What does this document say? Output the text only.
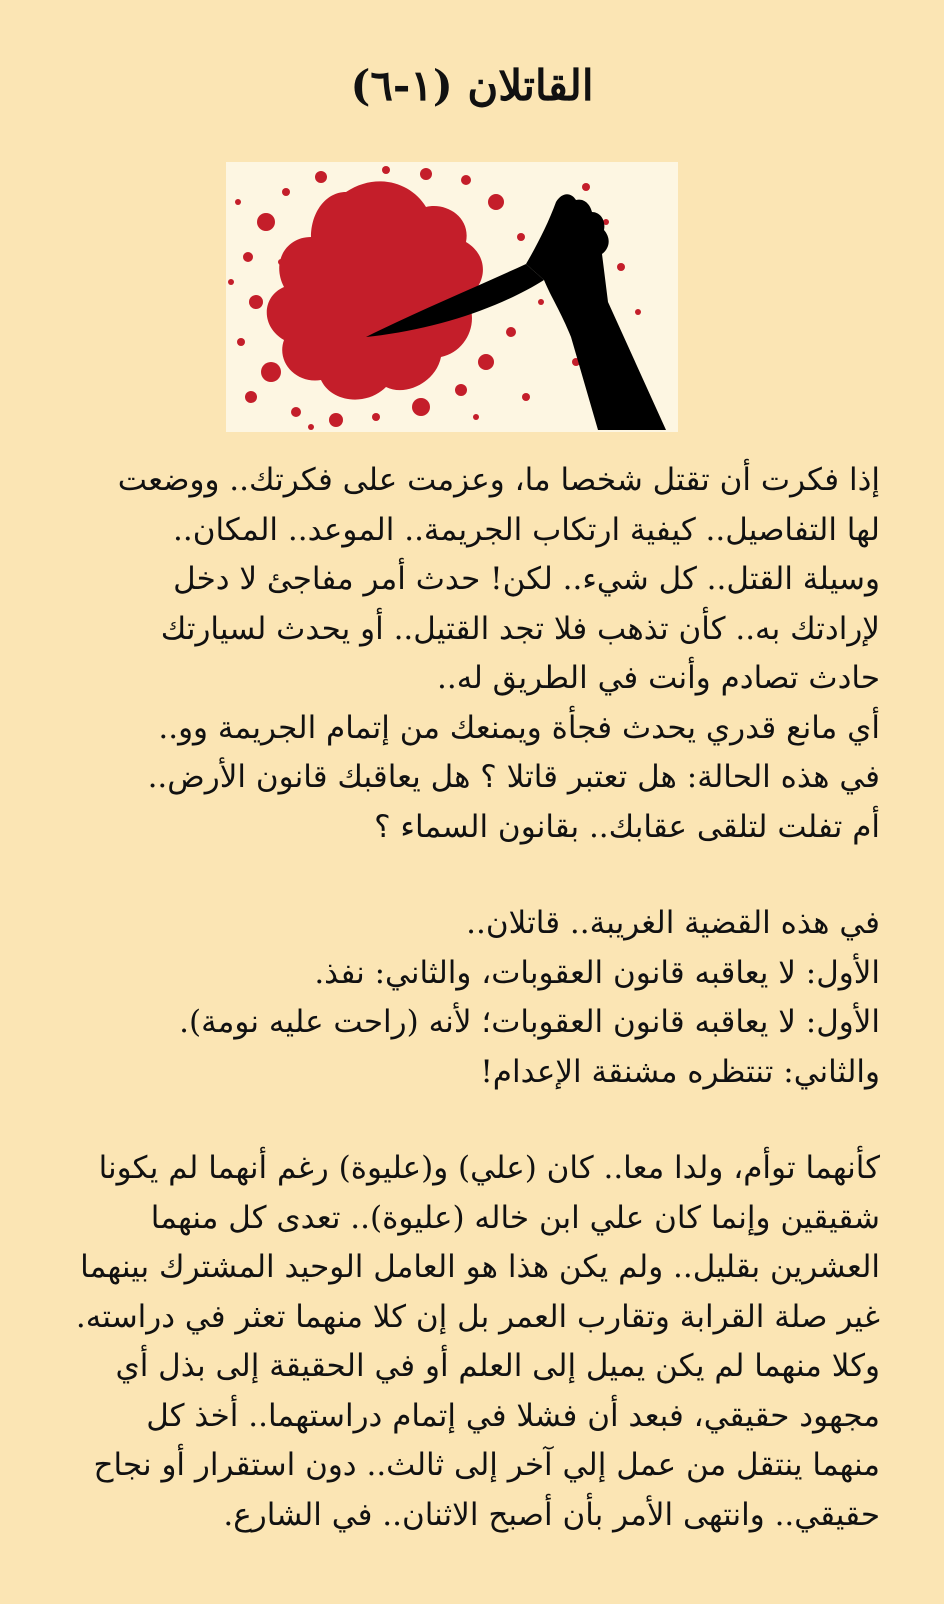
القاتلان (١-٦)
إذا فكرت أن تقتل شخصا ما، وعزمت على فكرتك.. ووضعت
لها التفاصيل.. كيفية ارتكاب الجريمة.. الموعد.. المكان..
وسيلة القتل.. كل شيء.. لكن! حدث أمر مفاجئ لا دخل
لإرادتك به.. كأن تذهب فلا تجد القتيل.. أو يحدث لسيارتك
حادث تصادم وأنت في الطريق له..
أي مانع قدري يحدث فجأة ويمنعك من إتمام الجريمة وو..
في هذه الحالة: هل تعتبر قاتلا ؟ هل يعاقبك قانون الأرض..
أم تفلت لتلقى عقابك.. بقانون السماء ؟
في هذه القضية الغريبة.. قاتلان..
الأول: لا يعاقبه قانون العقوبات، والثاني: نفذ.
الأول: لا يعاقبه قانون العقوبات؛ لأنه (راحت عليه نومة).
والثاني: تنتظره مشنقة الإعدام!
كأنهما توأم، ولدا معا.. كان (علي) و(عليوة) رغم أنهما لم يكونا
شقيقين وإنما كان علي ابن خاله (عليوة).. تعدى كل منهما
العشرين بقليل.. ولم يكن هذا هو العامل الوحيد المشترك بينهما
غير صلة القرابة وتقارب العمر بل إن كلا منهما تعثر في دراسته.
وكلا منهما لم يكن يميل إلى العلم أو في الحقيقة إلى بذل أي
مجهود حقيقي، فبعد أن فشلا في إتمام دراستهما.. أخذ كل
منهما ينتقل من عمل إلي آخر إلى ثالث.. دون استقرار أو نجاح
حقيقي.. وانتهى الأمر بأن أصبح الاثنان.. في الشارع.
